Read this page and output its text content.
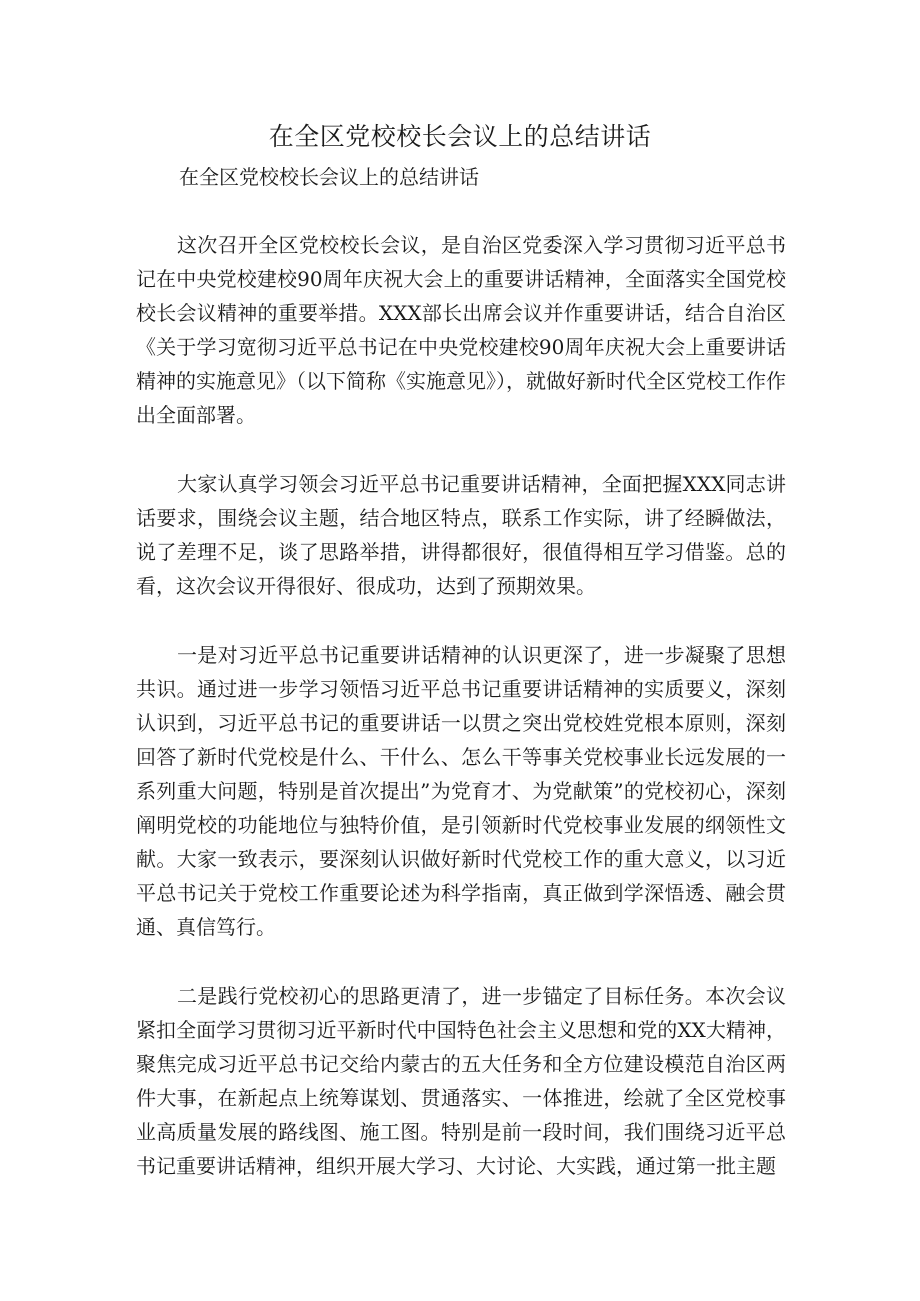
在全区党校校长会议上的总结讲话

在全区党校校长会议上的总结讲话

这次召开全区党校校长会议，是自治区党委深入学习贯彻习近平总书记在中央党校建校90周年庆祝大会上的重要讲话精神，全面落实全国党校校长会议精神的重要举措。XXX部长出席会议并作重要讲话，结合自治区《关于学习宽彻习近平总书记在中央党校建校90周年庆祝大会上重要讲话精神的实施意见》（以下简称《实施意见》），就做好新时代全区党校工作作出全面部署。

大家认真学习领会习近平总书记重要讲话精神，全面把握XXX同志讲话要求，围绕会议主题，结合地区特点，联系工作实际，讲了经瞬做法，说了差理不足，谈了思路举措，讲得都很好，很值得相互学习借鉴。总的看，这次会议开得很好、很成功，达到了预期效果。

一是对习近平总书记重要讲话精神的认识更深了，进一步凝聚了思想共识。通过进一步学习领悟习近平总书记重要讲话精神的实质要义，深刻认识到，习近平总书记的重要讲话一以贯之突出党校姓党根本原则，深刻回答了新时代党校是什么、干什么、怎么干等事关党校事业长远发展的一系列重大问题，特别是首次提出”为党育才、为党献策”的党校初心，深刻阐明党校的功能地位与独特价值，是引领新时代党校事业发展的纲领性文献。大家一致表示，要深刻认识做好新时代党校工作的重大意义，以习近平总书记关于党校工作重要论述为科学指南，真正做到学深悟透、融会贯通、真信笃行。

二是践行党校初心的思路更清了，进一步锚定了目标任务。本次会议紧扣全面学习贯彻习近平新时代中国特色社会主义思想和党的XX大精神，聚焦完成习近平总书记交给内蒙古的五大任务和全方位建设模范自治区两件大事，在新起点上统筹谋划、贯通落实、一体推进，绘就了全区党校事业高质量发展的路线图、施工图。特别是前一段时间，我们围绕习近平总书记重要讲话精神，组织开展大学习、大讨论、大实践，通过第一批主题
